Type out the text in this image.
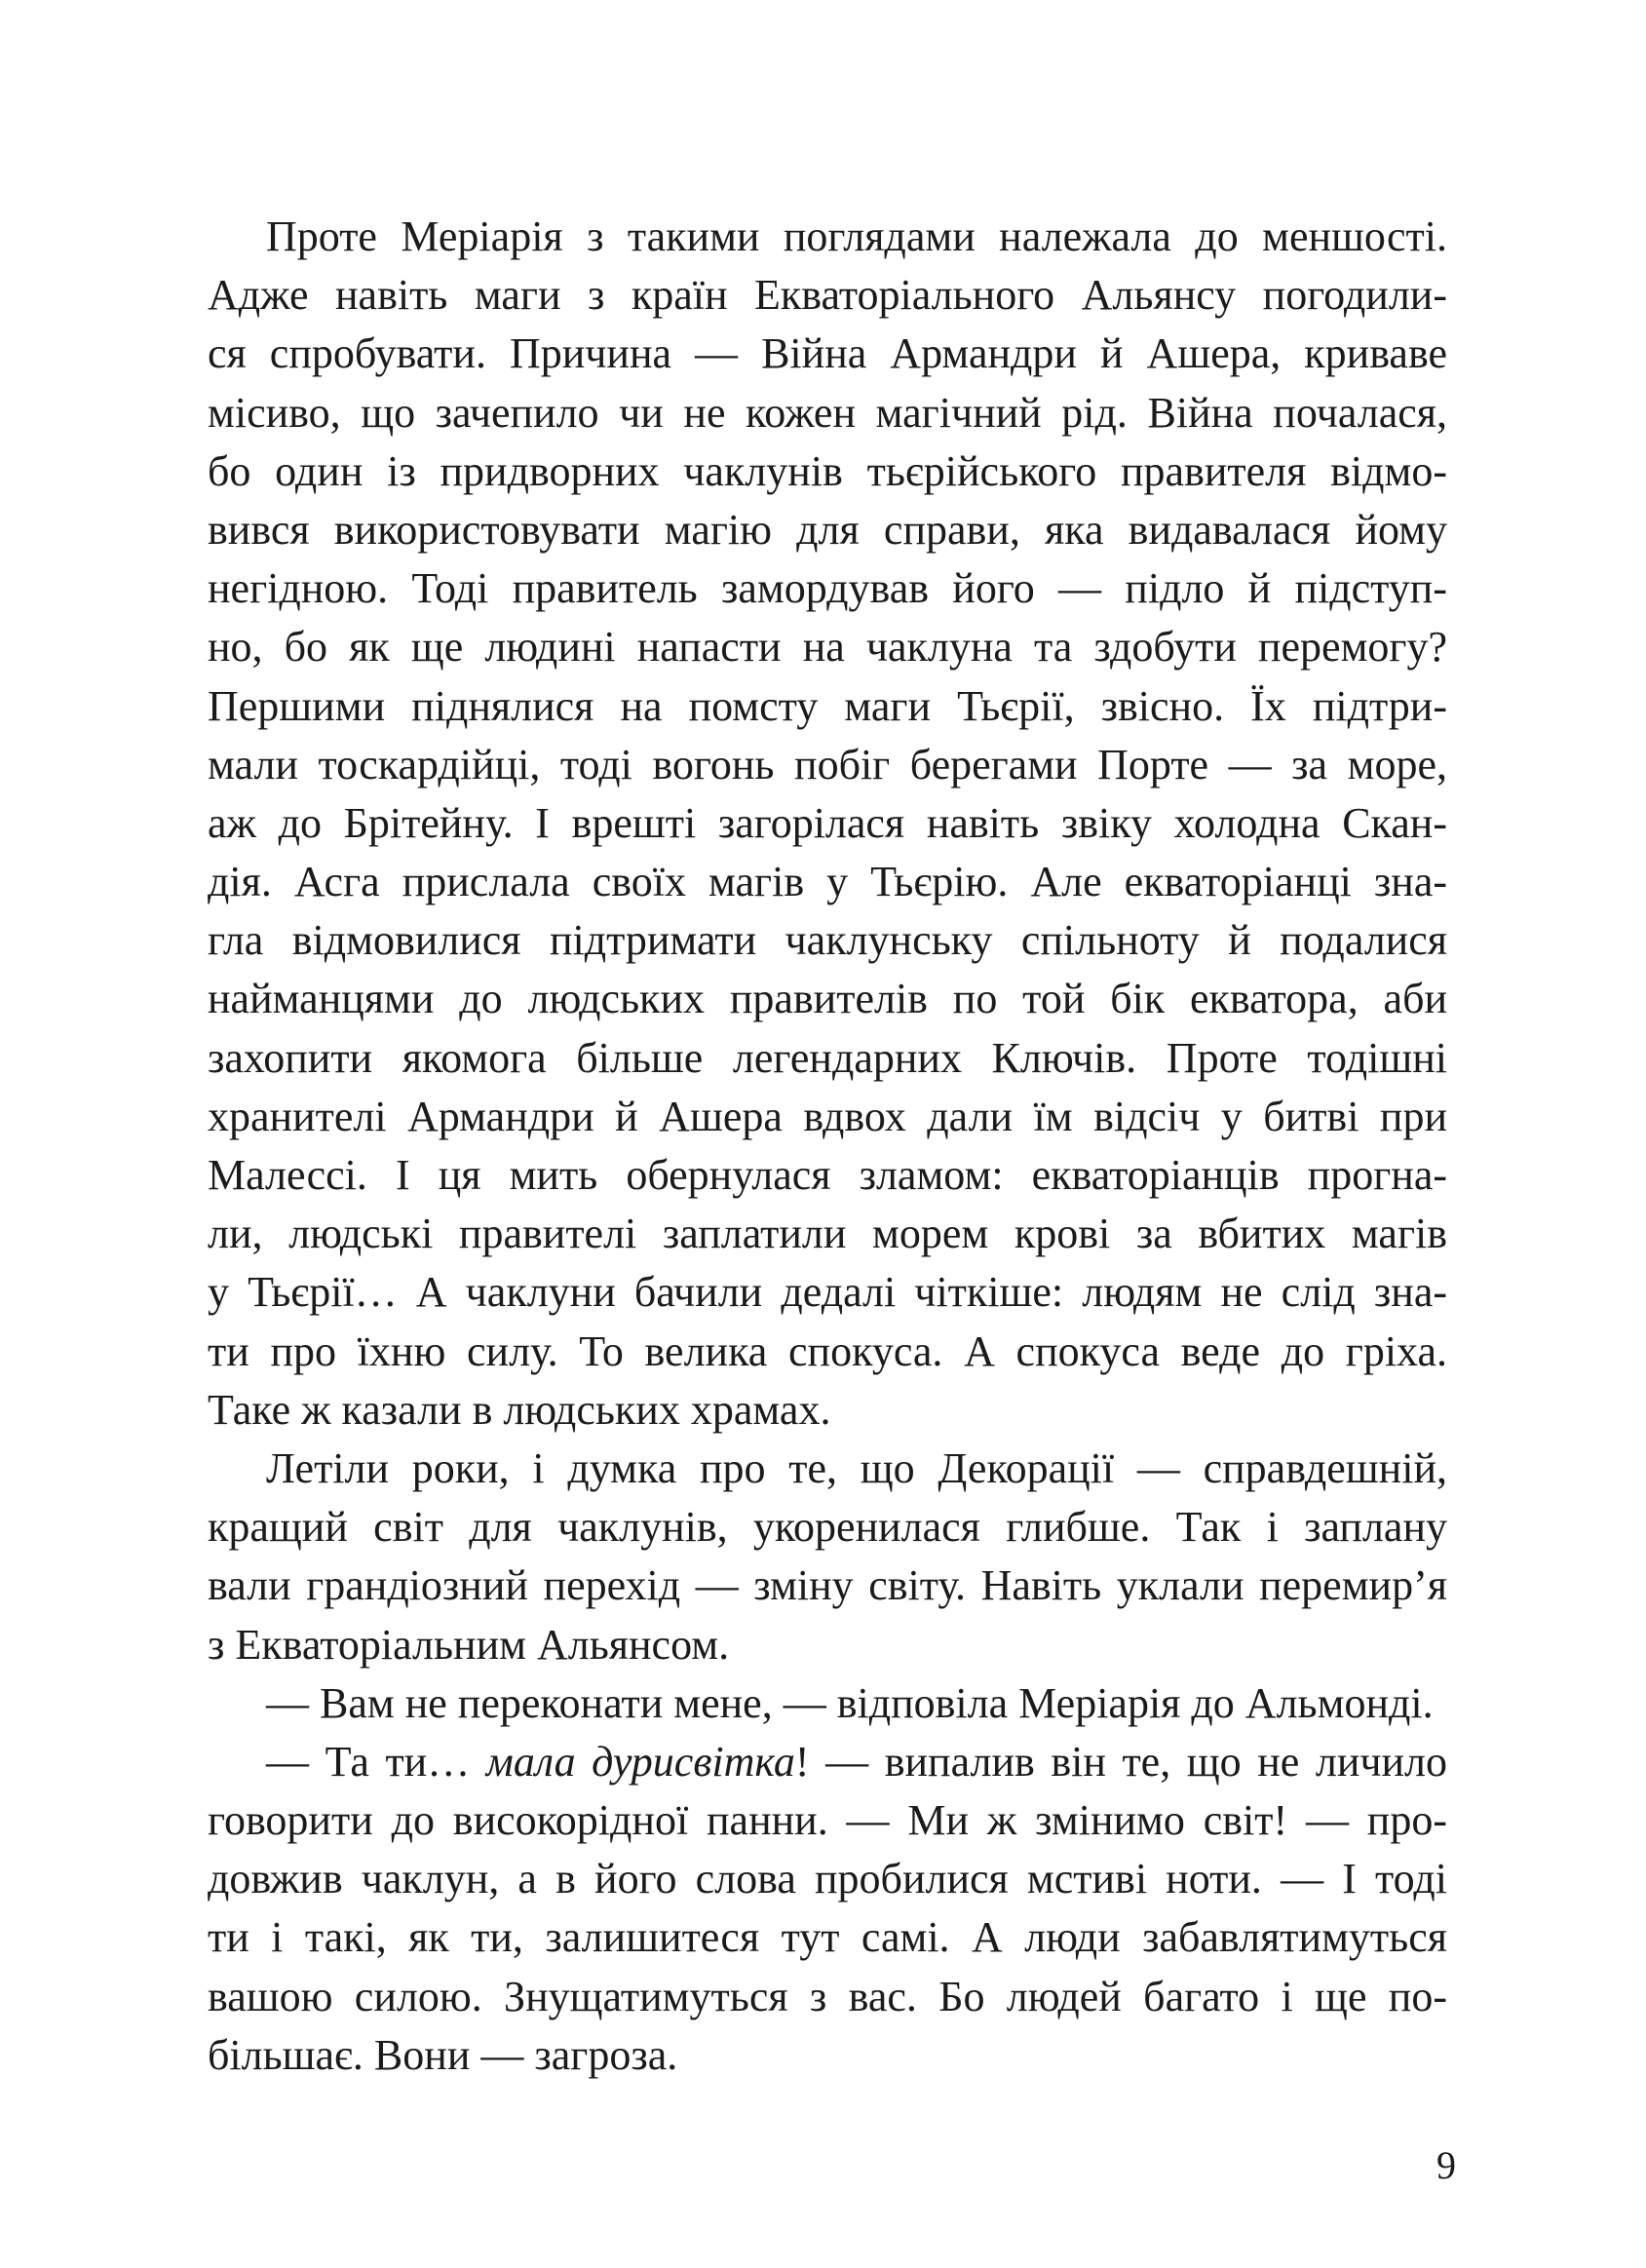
Проте Меріарія з такими поглядами належала до меншості.
Адже навіть маги з країн Екваторіального Альянсу погодили-
ся спробувати. Причина — Війна Армандри й Ашера, криваве
місиво, що зачепило чи не кожен магічний рід. Війна почалася,
бо один із придворних чаклунів тьєрійського правителя відмо-
вився використовувати магію для справи, яка видавалася йому
негідною. Тоді правитель замордував його — підло й підступ-
но, бо як ще людині напасти на чаклуна та здобути перемогу?
Першими піднялися на помсту маги Тьєрії, звісно. Їх підтри-
мали тоскардійці, тоді вогонь побіг берегами Порте — за море,
аж до Брітейну. І врешті загорілася навіть звіку холодна Скан-
дія. Асга прислала своїх магів у Тьєрію. Але екваторіанці зна-
гла відмовилися підтримати чаклунську спільноту й подалися
найманцями до людських правителів по той бік екватора, аби
захопити якомога більше легендарних Ключів. Проте тодішні
хранителі Армандри й Ашера вдвох дали їм відсіч у битві при
Малессі. І ця мить обернулася зламом: екваторіанців прогна-
ли, людські правителі заплатили морем крові за вбитих магів
у Тьєрії… А чаклуни бачили дедалі чіткіше: людям не слід зна-
ти про їхню силу. То велика спокуса. А спокуса веде до гріха.
Таке ж казали в людських храмах.
Летіли роки, і думка про те, що Декорації — справдешній,
кращий світ для чаклунів, укоренилася глибше. Так і заплану
вали грандіозний перехід — зміну світу. Навіть уклали перемир’я
з Екваторіальним Альянсом.
— Вам не переконати мене, — відповіла Меріарія до Альмонді.
— Та ти… мала дурисвітка! — випалив він те, що не личило
говорити до високорідної панни. — Ми ж змінимо світ! — про-
довжив чаклун, а в його слова пробилися мстиві ноти. — І тоді
ти і такі, як ти, залишитеся тут самі. А люди забавлятимуться
вашою силою. Знущатимуться з вас. Бо людей багато і ще по-
більшає. Вони — загроза.
9
